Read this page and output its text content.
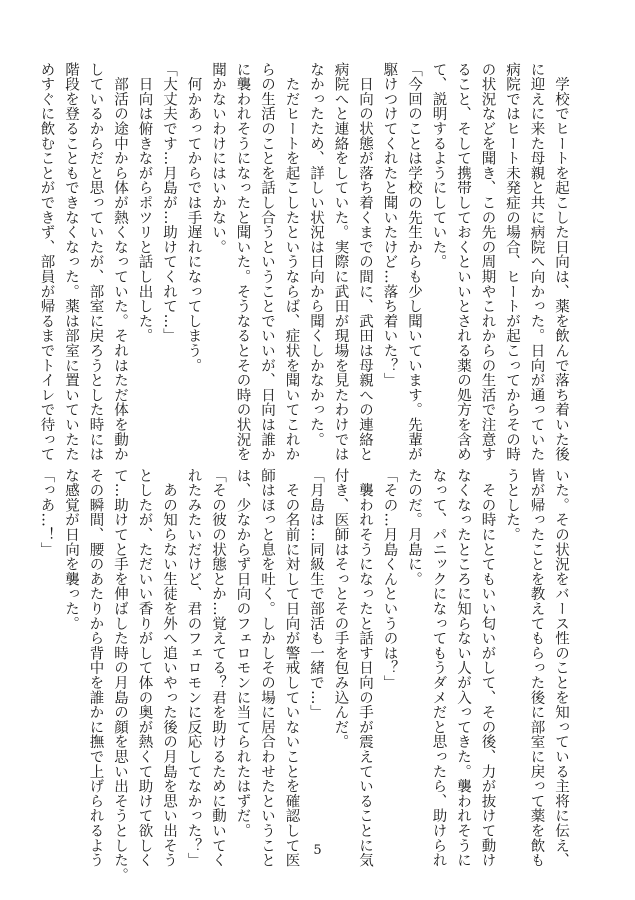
　学校でヒートを起こした日向は、薬を飲んで落ち着いた後
に迎えに来た母親と共に病院へ向かった。日向が通っていた
病院ではヒート未発症の場合、ヒートが起こってからその時
の状況などを聞き、この先の周期やこれからの生活で注意す
ること、そして携帯しておくといいとされる薬の処方を含め
て、説明するようにしていた。
「今回のことは学校の先生からも少し聞いています。先輩が
駆けつけてくれたと聞いたけど…落ち着いた？」
　日向の状態が落ち着くまでの間に、武田は母親への連絡と
病院へと連絡をしていた。実際に武田が現場を見たわけでは
なかったため、詳しい状況は日向から聞くしかなかった。
　ただヒートを起こしたというならば、症状を聞いてこれか
らの生活のことを話し合うということでいいが、日向は誰か
に襲われそうになったと聞いた。そうなるとその時の状況を
聞かないわけにはいかない。
　何かあってからでは手遅れになってしまう。
「大丈夫です…月島が…助けてくれて…」
　日向は俯きながらポツリと話し出した。
　部活の途中から体が熱くなっていた。それはただ体を動か
しているからだと思っていたが、部室に戻ろうとした時には
階段を登ることもできなくなった。薬は部室に置いていたた
めすぐに飲むことができず、部員が帰るまでトイレで待って
いた。その状況をバース性のことを知っている主将に伝え、
皆が帰ったことを教えてもらった後に部室に戻って薬を飲も
うとした。
　その時にとてもいい匂いがして、その後、力が抜けて動け
なくなったところに知らない人が入ってきた。襲われそうに
なって、パニックになってもうダメだと思ったら、助けられ
たのだ。月島に。
「その…月島くんというのは？」
　襲われそうになったと話す日向の手が震えていることに気
付き、医師はそっとその手を包み込んだ。
「月島は…同級生で部活も一緒で…」
　その名前に対して日向が警戒していないことを確認して医
師はほっと息を吐く。しかしその場に居合わせたということ
は、少なからず日向のフェロモンに当てられたはずだ。
「その彼の状態とか…覚えてる？君を助けるために動いてく
れたみたいだけど、君のフェロモンに反応してなかった？」
　あの知らない生徒を外へ追いやった後の月島を思い出そう
としたが、ただいい香りがして体の奥が熱くて助けて欲しく
て…助けてと手を伸ばした時の月島の顔を思い出そうとした。
その瞬間、腰のあたりから背中を誰かに撫で上げられるよう
な感覚が日向を襲った。
「っあ…！」
5
